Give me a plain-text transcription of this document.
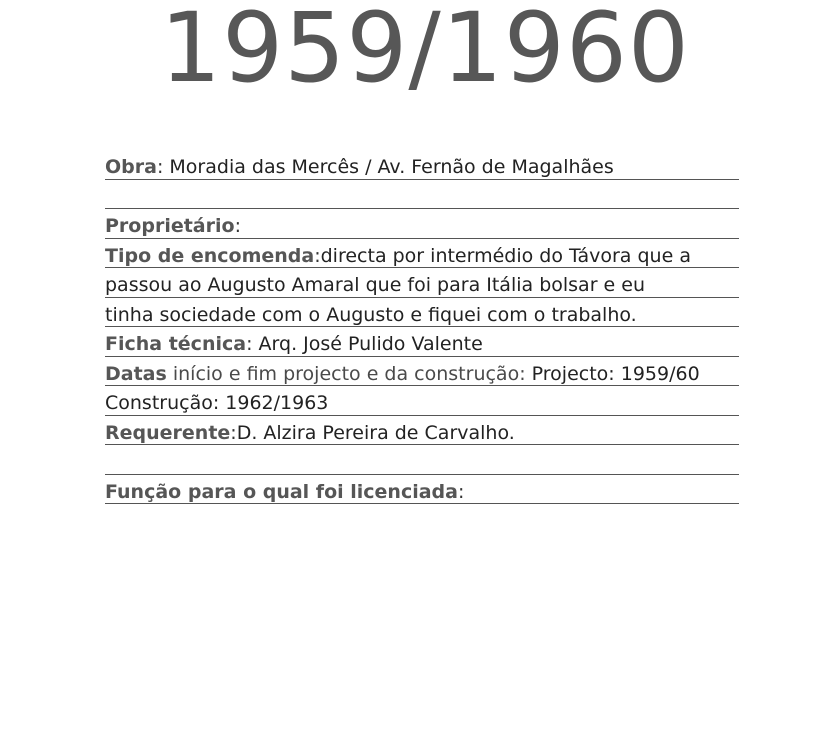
1959/1960
Obra: Moradia das Mercês / Av. Fernão de Magalhães
Proprietário:
Tipo de encomenda:directa por intermédio do Távora que a
passou ao Augusto Amaral que foi para Itália bolsar e eu
tinha sociedade com o Augusto e fiquei com o trabalho.
Ficha técnica: Arq. José Pulido Valente
Datas início e fim projecto e da construção: Projecto: 1959/60
Construção: 1962/1963
Requerente:D. Alzira Pereira de Carvalho.
Função para o qual foi licenciada:
